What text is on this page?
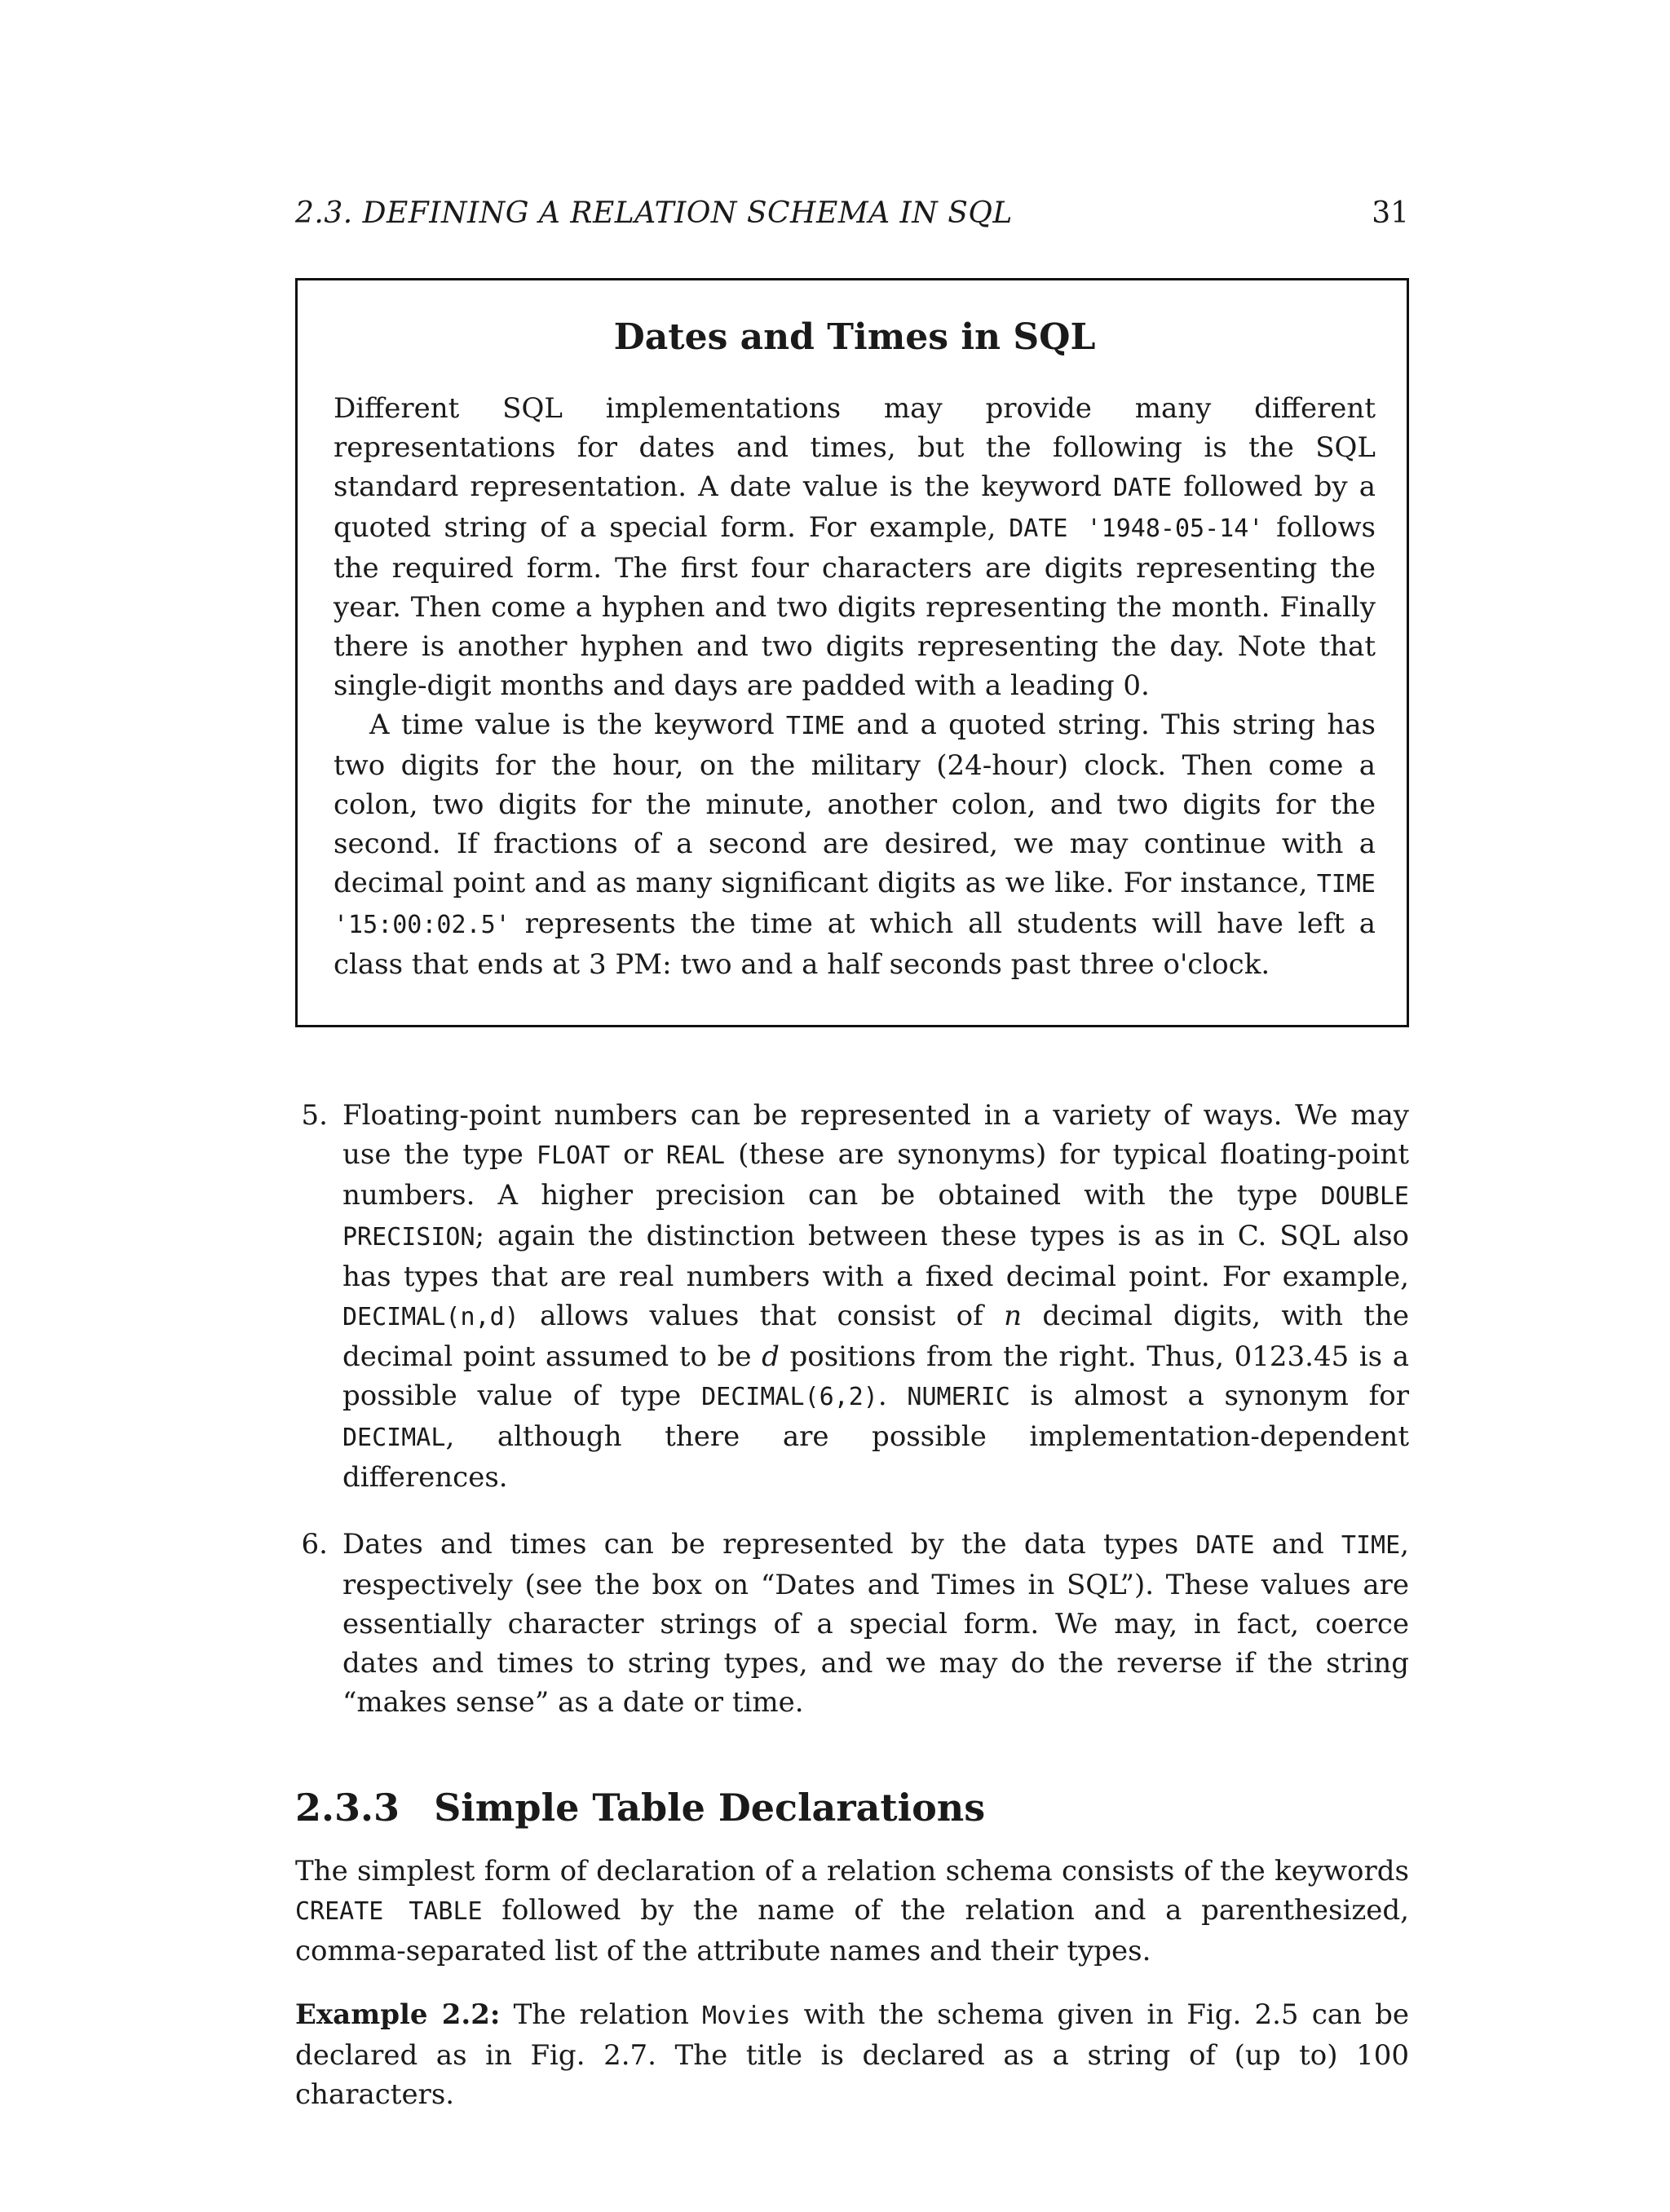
2.3. DEFINING A RELATION SCHEMA IN SQL	31
Dates and Times in SQL

Different SQL implementations may provide many different representations for dates and times, but the following is the SQL standard representation. A date value is the keyword DATE followed by a quoted string of a special form. For example, DATE '1948-05-14' follows the required form. The first four characters are digits representing the year. Then come a hyphen and two digits representing the month. Finally there is another hyphen and two digits representing the day. Note that single-digit months and days are padded with a leading 0.

A time value is the keyword TIME and a quoted string. This string has two digits for the hour, on the military (24-hour) clock. Then come a colon, two digits for the minute, another colon, and two digits for the second. If fractions of a second are desired, we may continue with a decimal point and as many significant digits as we like. For instance, TIME '15:00:02.5' represents the time at which all students will have left a class that ends at 3 PM: two and a half seconds past three o'clock.

5. Floating-point numbers can be represented in a variety of ways. We may use the type FLOAT or REAL (these are synonyms) for typical floating-point numbers. A higher precision can be obtained with the type DOUBLE PRECISION; again the distinction between these types is as in C. SQL also has types that are real numbers with a fixed decimal point. For example, DECIMAL(n,d) allows values that consist of n decimal digits, with the decimal point assumed to be d positions from the right. Thus, 0123.45 is a possible value of type DECIMAL(6,2). NUMERIC is almost a synonym for DECIMAL, although there are possible implementation-dependent differences.
6. Dates and times can be represented by the data types DATE and TIME, respectively (see the box on “Dates and Times in SQL”). These values are essentially character strings of a special form. We may, in fact, coerce dates and times to string types, and we may do the reverse if the string “makes sense” as a date or time.
2.3.3 Simple Table Declarations

The simplest form of declaration of a relation schema consists of the keywords CREATE TABLE followed by the name of the relation and a parenthesized, comma-separated list of the attribute names and their types.

Example 2.2: The relation Movies with the schema given in Fig. 2.5 can be declared as in Fig. 2.7. The title is declared as a string of (up to) 100 characters.
